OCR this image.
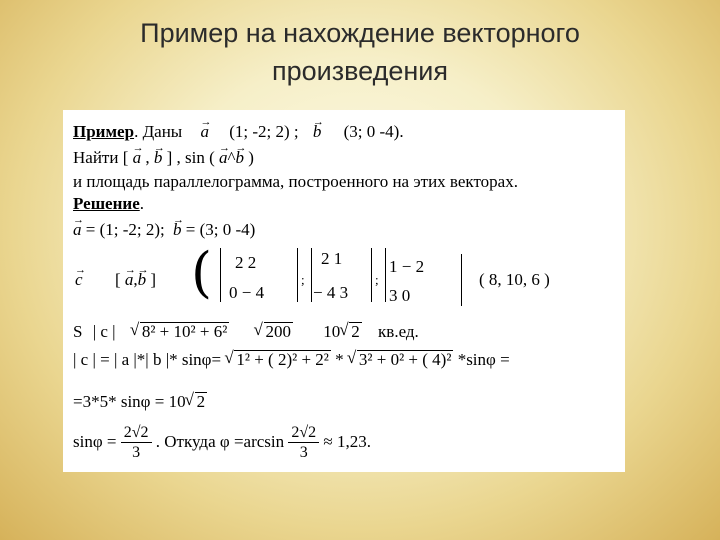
Пример на нахождение векторного
произведения
Пример. Даны → a (1; -2; 2) ; → b (3; 0 -4).
Найти [ → a , → b ] , sin ( → a^→ b )
и площадь параллелограмма, построенного на этих векторах.
Решение.
→ a = (1; -2; 2); → b = (3; 0 -4)
→ c [ → a,→ b ] ( 2 2
0 − 4
;
2 1
− 4 3
;
1 − 2
3 0
( 8, 10, 6 )
S | c | √ 8² + 10² + 6² √ 200 10 √ 2 кв.ед.
| c | = | a |*| b |* sinφ= √ 1² + ( 2)² + 2² * √ 3² + 0² + ( 4)² *sinφ =
=3*5* sinφ = 10 √ 2
$\sin\varphi = \frac{2√2}{3}$ . Откуда $\varphi =\arcsin \frac{2√2}{3} \approx 1,23$.
